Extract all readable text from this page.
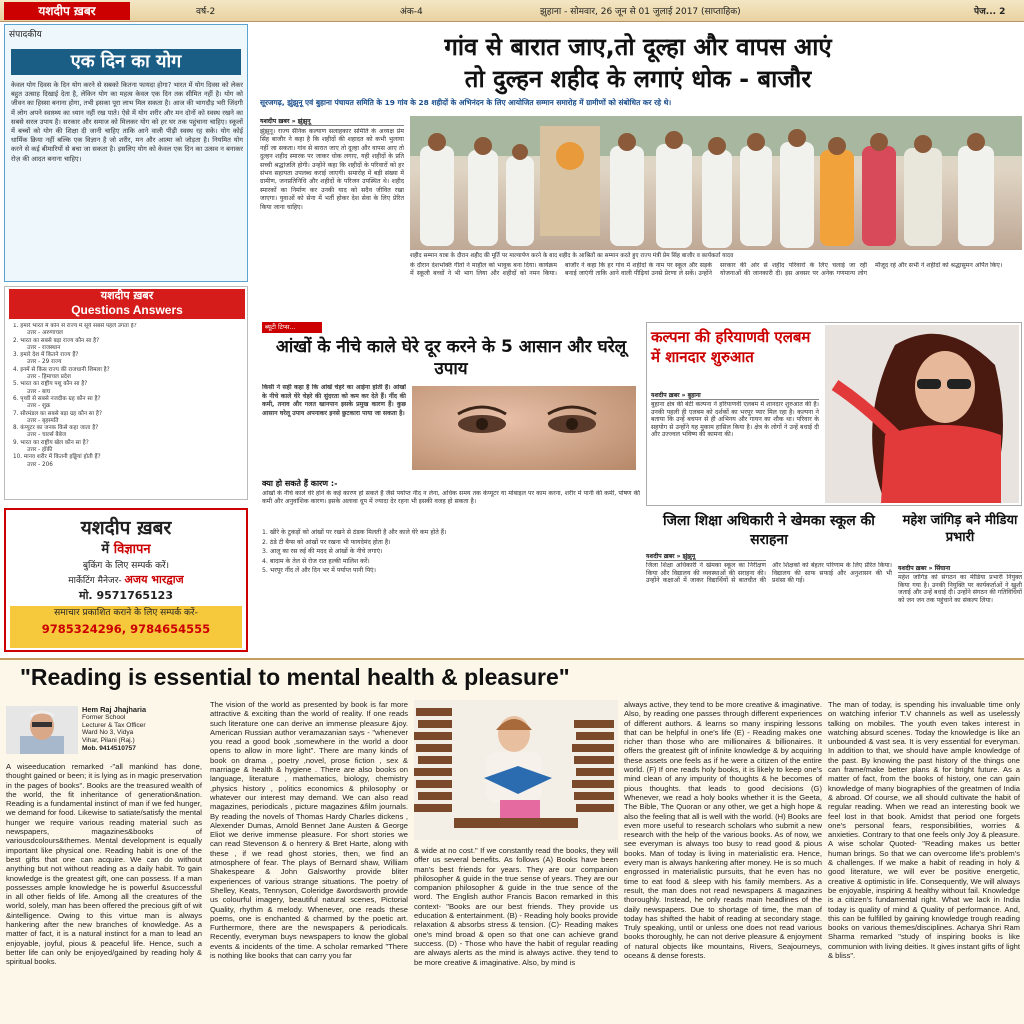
यशदीप ख़बर	वर्ष-2	अंक-4	झुहाना - सोमवार, 26 जून से 01 जुलाई 2017 (साप्ताहिक)	पेज... 2
संपादकीय
एक दिन का योग
केवल योग दिवस के दिन योग करने से सबको कितना फायदा होगा? भारत में योग दिवस को लेकर बहुत उत्साह दिखाई देता है, लेकिन योग का महत्व केवल एक दिन तक सीमित नहीं है। योग को जीवन का हिस्सा बनाना होगा, तभी इसका पूरा लाभ मिल सकता है। आज की भागदौड़ भरी जिंदगी में लोग अपने स्वास्थ्य का ध्यान नहीं रख पाते। ऐसे में योग शरीर और मन दोनों को स्वस्थ रखने का सबसे सरल उपाय है। सरकार और समाज को मिलकर योग को हर घर तक पहुंचाना चाहिए। स्कूलों में बच्चों को योग की शिक्षा दी जानी चाहिए ताकि आने वाली पीढ़ी स्वस्थ रह सके। योग कोई धार्मिक क्रिया नहीं बल्कि एक विज्ञान है जो शरीर, मन और आत्मा को जोड़ता है। नियमित योग करने से कई बीमारियों से बचा जा सकता है। इसलिए योग को केवल एक दिन का उत्सव न बनाकर रोज़ की आदत बनाना चाहिए।
यशदीप ख़बर
Questions Answers
1. हमारे भारत में कौन से राज्य में सूर्य सबसे पहले उगता है?
उत्तर - अरुणाचल
2. भारत का सबसे बड़ा राज्य कौन सा है?
उत्तर - राजस्थान
3. हमारे देश में कितने राज्य हैं?
उत्तर - 29 राज्य
4. इनमें से किस राज्य की राजधानी शिमला है?
उत्तर - हिमाचल प्रदेश
5. भारत का राष्ट्रीय पशु कौन सा है?
उत्तर - बाघ
6. पृथ्वी से सबसे नजदीक ग्रह कौन सा है?
उत्तर - शुक्र
7. सौरमंडल का सबसे बड़ा ग्रह कौन सा है?
उत्तर - बृहस्पति
8. कंप्यूटर का जनक किसे कहा जाता है?
उत्तर - चार्ल्स बैबेज
9. भारत का राष्ट्रीय खेल कौन सा है?
उत्तर - हॉकी
10. मानव शरीर में कितनी हड्डियां होती हैं?
उत्तर - 206
यशदीप ख़बर
में विज्ञापन
बुकिंग के लिए सम्पर्क करें।
मार्केटिंग मैनेजर- अजय भारद्वाज
मो. 9571765123
समाचार प्रकाशित कराने के लिए सम्पर्क करें-
9785324296, 9784654555
गांव से बारात जाए,तो दूल्हा और वापस आएं
तो दुल्हन शहीद के लगाएं धोक - बाजौर
सूरजगढ़, झुंझुनू एवं बुहाना पंचायत समिति के 19 गांव के 28 शहीदों के अभिनंदन के लिए आयोजित सम्मान समारोह में ग्रामीणों को संबोधित कर रहे थे।
यशदीप ख़बर » झुंझुनू
झुंझुनू। राज्य सैनिक कल्याण सलाहकार समिति के अध्यक्ष प्रेम सिंह बाजौर ने कहा है कि शहीदों की शहादत को कभी भुलाया नहीं जा सकता। गांव से बारात जाए तो दूल्हा और वापस आए तो दुल्हन शहीद स्मारक पर जाकर धोक लगाए, यही शहीदों के प्रति सच्ची श्रद्धांजलि होगी। उन्होंने कहा कि शहीदों के परिवारों को हर संभव सहायता उपलब्ध कराई जाएगी। समारोह में बड़ी संख्या में ग्रामीण, जनप्रतिनिधि और शहीदों के परिजन उपस्थित थे। शहीद स्मारकों का निर्माण कर उनकी याद को सदैव जीवित रखा जाएगा। युवाओं को सेना में भर्ती होकर देश सेवा के लिए प्रेरित किया जाना चाहिए।
शहीद सम्मान यात्रा के दौरान शहीद की मूर्ति पर माल्यार्पण करने के बाद शहीद के आश्रितों का सम्मान करते हुए राज्य मंत्री प्रेम सिंह बाजौर व कार्यकर्ता यादव
के दौरान देशभक्ति गीतों ने माहौल को भावुक बना दिया। कार्यक्रम में स्कूली बच्चों ने भी भाग लिया और शहीदों को नमन किया। बाजौर ने कहा कि हर गांव में शहीदों के नाम पर स्कूल और सड़कें बनाई जाएंगी ताकि आने वाली पीढ़ियां उनसे प्रेरणा ले सकें। उन्होंने सरकार की ओर से शहीद परिवारों के लिए चलाई जा रही योजनाओं की जानकारी दी। इस अवसर पर अनेक गणमान्य लोग मौजूद रहे और सभी ने शहीदों को श्रद्धासुमन अर्पित किए।
ब्यूटी टिप्स...
आंखों के नीचे काले घेरे दूर करने के 5 आसान और घरेलू उपाय
किसी ने सही कहा है कि आंखें चेहरे का आईना होती हैं। आंखों के नीचे काले घेरे चेहरे की सुंदरता को कम कर देते हैं। नींद की कमी, तनाव और गलत खानपान इसके प्रमुख कारण हैं। कुछ आसान घरेलू उपाय अपनाकर इनसे छुटकारा पाया जा सकता है।
क्या हो सकते हैं कारण :-
आंखों के नीचे काले घेरे होने के कई कारण हो सकते हैं जैसे पर्याप्त नींद न लेना, अधिक समय तक कंप्यूटर या मोबाइल पर काम करना, शरीर में पानी की कमी, पोषण की कमी और अनुवांशिक कारण। इसके अलावा धूप में ज्यादा देर रहना भी इसकी वजह हो सकता है।
1. खीरे के टुकड़ों को आंखों पर रखने से ठंडक मिलती है और काले घेरे कम होते हैं।
2. ठंडे टी बैग्स को आंखों पर रखना भी फायदेमंद होता है।
3. आलू का रस रुई की मदद से आंखों के नीचे लगाएं।
4. बादाम के तेल से रोज रात हल्की मालिश करें।
5. भरपूर नींद लें और दिन भर में पर्याप्त पानी पिएं।
कल्पना की हरियाणवी एलबम में शानदार शुरुआत
यशदीप ख़बर » बुहाना
बुहाना क्षेत्र की बेटी कल्पना ने हरियाणवी एलबम में शानदार शुरुआत की है। उनकी पहली ही एलबम को दर्शकों का भरपूर प्यार मिल रहा है। कल्पना ने बताया कि उन्हें बचपन से ही अभिनय और गायन का शौक था। परिवार के सहयोग से उन्होंने यह मुकाम हासिल किया है। क्षेत्र के लोगों ने उन्हें बधाई दी और उज्ज्वल भविष्य की कामना की।
जिला शिक्षा अधिकारी ने खेमका स्कूल की सराहना
यशदीप ख़बर » झुंझुनू
जिला शिक्षा अधिकारी ने खेमका स्कूल का निरीक्षण किया और विद्यालय की व्यवस्थाओं की सराहना की। उन्होंने कक्षाओं में जाकर विद्यार्थियों से बातचीत की और शिक्षकों को बेहतर परिणाम के लिए प्रेरित किया। विद्यालय की साफ सफाई और अनुशासन की भी प्रशंसा की गई।
महेश जांगिड़ बने मीडिया प्रभारी
यशदीप ख़बर » सिंघाना
महेश जांगिड़ को संगठन का मीडिया प्रभारी नियुक्त किया गया है। उनकी नियुक्ति पर कार्यकर्ताओं ने खुशी जताई और उन्हें बधाई दी। उन्होंने संगठन की गतिविधियों को जन जन तक पहुंचाने का संकल्प लिया।
"Reading is essential to mental health & pleasure"
Hem Raj Jhajharia
Former School
Lecturer & Tax Officer
Ward No 3, Vidya
Vihar, Pilani (Raj.)
Mob. 9414510757
A wiseeducation remarked -"all mankind has done, thought gained or been; it is lying as in magic preservation in the pages of books". Books are the treasured wealth of the world, the fit inheritance of generation&nation. Reading is a fundamental instinct of man if we fed hunger, we demand for food. Likewise to satiate/satisfy the mental hunger we require various reading material such as newspapers, magazines&books of variousdcolours&themes. Mental development is equally important like physical one. Reading habit is one of the best gifts that one can acquire. We can do without anything but not without reading as a daily habit. To gain knowledge is the greatest gift, one can possess. If a man possesses ample knowledge he is powerful &successful in all other fields of life. Among all the creatures of the world, solely, man has been offered the precious gift of wit &intelligence. Owing to this virtue man is always hankering after the new branches of knowledge. As a matter of fact, it is a natural instinct for a man to lead an enjoyable, joyful, pious & peaceful life. Hence, such a better life can only be enjoyed/gained by reading holy & spiritual books.
The vision of the world as presented by book is far more attractive & exciting than the world of reality. If one reads such literature one can derive an immense pleasure &joy. American Russian author veramazanian says - "whenever you read a good book ,somewhere in the world a door opens to allow in more light". There are many kinds of book on drama , poetry ,novel, prose fiction , sex & marriage & health & hygiene . There are also books on language, literature , mathematics, biology, chemistry ,physics history , politics economics & philosophy or whatever our interest may demand. We can also read magazines, periodicals , picture magazines &film journals. By reading the novels of Thomas Hardy Charles dickens , Alexender Dumas, Arnold Bennet Jane Austen & George Eliot we derive immense pleasure. For short stories we can read Stevenson & o henrery & Bret Harte, along with these , if we read ghost stories, then, we find an atmosphere of fear. The plays of Bernard shaw, William Shakespeare & John Galsworthy provide bliter experiences of various strange situations. The poetry of Shelley, Keats, Tennyson, Coleridge &wordsworth provide us colourful imagery, beautiful natural scenes, Pictorial Quality, rhythm & melody. Whenever, one reads these poems, one is enchanted & charmed by the poetic art. Furthermore, there are the newspapers & periodicals. Recently, everyman buys newspapers to know the global events & incidents of the time. A scholar remarked "There is nothing like books that can carry you far
& wide at no cost." If we constantly read the books, they will offer us several benefits. As follows (A) Books have been man's best friends for years. They are our companion philosopher & guide in the true sense of years. They are our companion philosopher & guide in the true sence of the word. The English author Francis Bacon remarked in this context- "Books are our best friends. They provide us education & entertainment. (B) - Reading holy books provide relaxation & absorbs stress & tension. (C)- Reading makes one's mind broad & open so that one can achieve grand success. (D) - Those who have the habit of regular reading are always alerts as the mind is always active. they tend to be more creative & imaginative. Also, by mind is
always active, they tend to be more creative & imaginative. Also, by reading one passes through different experiences of different authors. & learns so many inspiring lessons that can be helpful in one's life (E) - Reading makes one richer than those who are millionaires & billionaires. It offers the greatest gift of infinite knowledge & by acquiring these assets one feels as if he were a citizen of the entire world. (F) If one reads holy books, it is likely to keep one's mind clean of any impurity of thoughts & he becomes of pious thoughts. that leads to good decisions (G) Whenever, we read a holy books whether it is the Geeta, The Bible, The Quoran or any other, we get a high hope & also the feeling that all is well with the world. (H) Books are even more useful to research scholars who submit a new research with the help of the various books. As of now, we see everyman is always too busy to read good & pious books. Man of today is living in materialistic era. Hence, every man is always hankering after money. He is so much engrossed in materialistic pursuits, that he even has no time to eat food & sleep with his family members. As a result, the man does not read newspapers & magazines thoroughly. Instead, he only reads main headlines of the daily newspapers. Due to shortage of time, the man of today has shifted the habit of reading at secondary stage. Truly speaking, until or unless one does not read various books thoroughly, he can not derive pleasure & enjoyment of natural objects like mountains, Rivers, Seajourneys, oceans & dense forests.
The man of today, is spending his invaluable time only on watching inferior T.V channels as well as uselessly talking on mobiles. The youth even takes interest in watching absurd scenes. Today the knowledge is like an unbounded & vast sea. It is very essential for everyman. In addition to that, we should have ample knowledge of the past. By knowing the past history of the things one can frame/make better plans & for bright future. As a matter of fact, from the books of history, one can gain knowledge of many biographies of the greatmen of India & abroad. Of course, we all should cultivate the habit of regular reading. When we read an interesting book we feel lost in that book. Amidst that period one forgets one's personal fears, responsibilities, worries & anxieties. Contrary to that one feels only Joy & pleasure. A wise scholar Quoted- "Reading makes us better human brings. So that we can overcome life's problem's & challenges. If we make a habit of reading in holy & good literature, we will ever be positive energetic, creative & optimistic in life. Consequently, We will always be enjoyable, inspiring & healthy without fail. Knowledge is a citizen's fundamental right. What we lack in India today is quality of mind & Quality of performance. And, this can be fulfilled by gaining knowledge trough reading books on various themes/disciplines. Acharya Shri Ram Sharma remarked "study of inspiring books is like communion with living deities. It gives instant gifts of light & bliss".
